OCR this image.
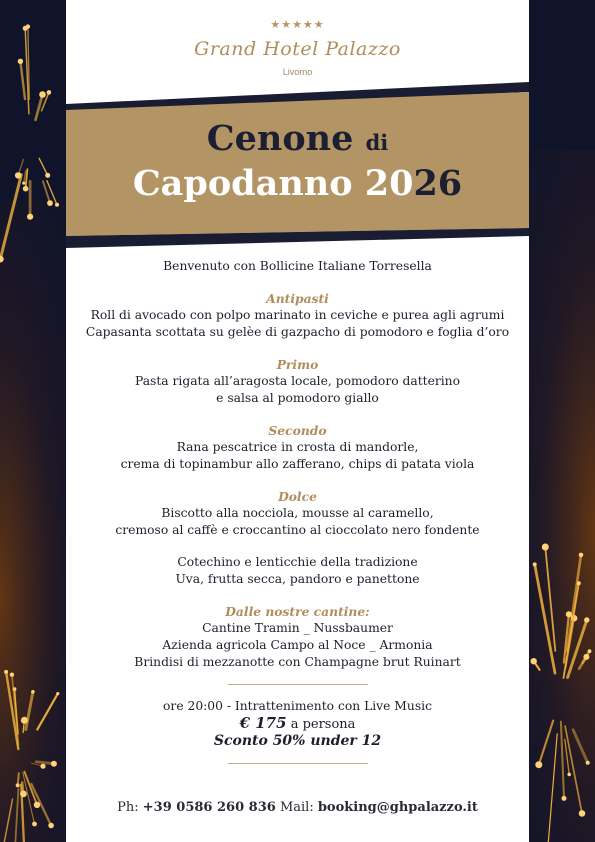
★★★★★
Grand Hotel Palazzo
Livorno
Cenone di
Capodanno 2026

Benvenuto con Bollicine Italiane Torresella

Antipasti

Roll di avocado con polpo marinato in ceviche e purea agli agrumi

Capasanta scottata su gelèe di gazpacho di pomodoro e foglia d’oro

Primo

Pasta rigata all’aragosta locale, pomodoro datterino

e salsa al pomodoro giallo

Secondo

Rana pescatrice in crosta di mandorle,

crema di topinambur allo zafferano, chips di patata viola

Dolce

Biscotto alla nocciola, mousse al caramello,

cremoso al caffè e croccantino al cioccolato nero fondente

Cotechino e lenticchie della tradizione

Uva, frutta secca, pandoro e panettone

Dalle nostre cantine:

Cantine Tramin _ Nussbaumer

Azienda agricola Campo al Noce _ Armonia

Brindisi di mezzanotte con Champagne brut Ruinart

ore 20:00 - Intrattenimento con Live Music

€ 175 a persona

Sconto 50% under 12

Ph: +39 0586 260 836 Mail: booking@ghpalazzo.it
